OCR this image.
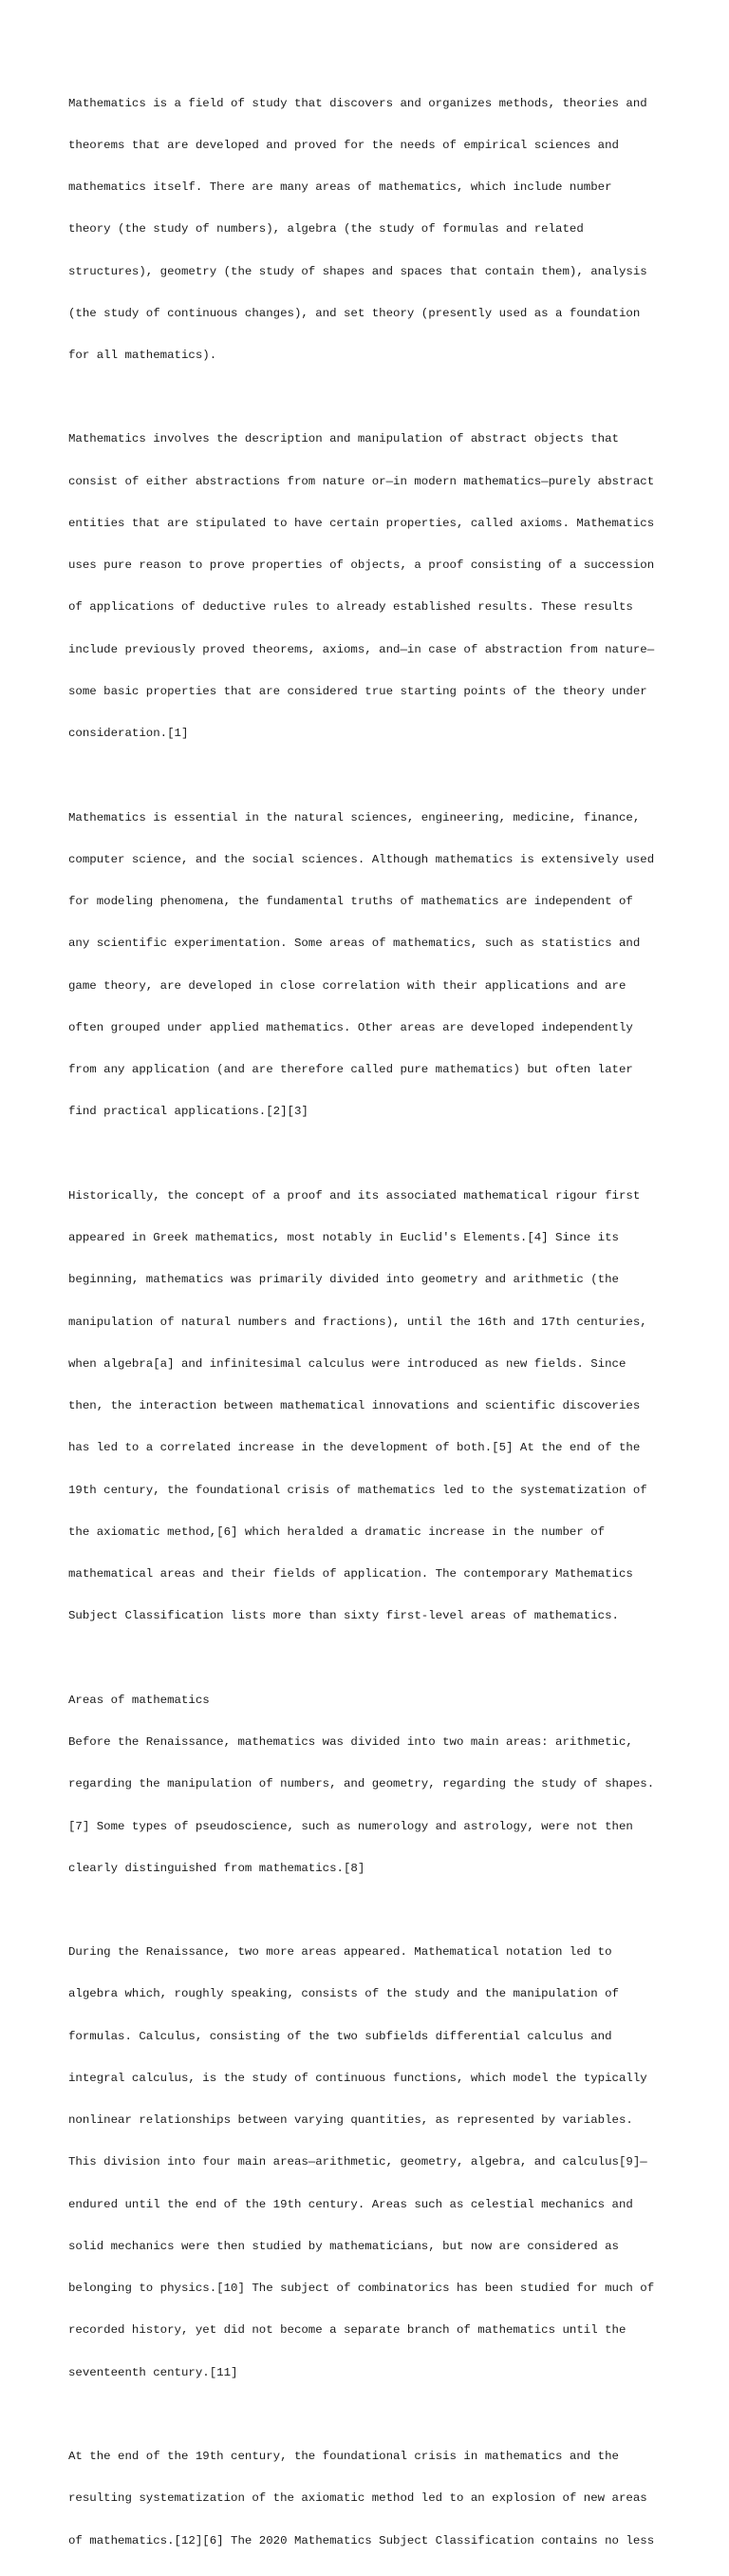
Mathematics is a field of study that discovers and organizes methods, theories and

theorems that are developed and proved for the needs of empirical sciences and

mathematics itself. There are many areas of mathematics, which include number

theory (the study of numbers), algebra (the study of formulas and related

structures), geometry (the study of shapes and spaces that contain them), analysis

(the study of continuous changes), and set theory (presently used as a foundation

for all mathematics).

Mathematics involves the description and manipulation of abstract objects that

consist of either abstractions from nature or—in modern mathematics—purely abstract

entities that are stipulated to have certain properties, called axioms. Mathematics

uses pure reason to prove properties of objects, a proof consisting of a succession

of applications of deductive rules to already established results. These results

include previously proved theorems, axioms, and—in case of abstraction from nature—

some basic properties that are considered true starting points of the theory under

consideration.[1]

Mathematics is essential in the natural sciences, engineering, medicine, finance,

computer science, and the social sciences. Although mathematics is extensively used

for modeling phenomena, the fundamental truths of mathematics are independent of

any scientific experimentation. Some areas of mathematics, such as statistics and

game theory, are developed in close correlation with their applications and are

often grouped under applied mathematics. Other areas are developed independently

from any application (and are therefore called pure mathematics) but often later

find practical applications.[2][3]

Historically, the concept of a proof and its associated mathematical rigour first

appeared in Greek mathematics, most notably in Euclid's Elements.[4] Since its

beginning, mathematics was primarily divided into geometry and arithmetic (the

manipulation of natural numbers and fractions), until the 16th and 17th centuries,

when algebra[a] and infinitesimal calculus were introduced as new fields. Since

then, the interaction between mathematical innovations and scientific discoveries

has led to a correlated increase in the development of both.[5] At the end of the

19th century, the foundational crisis of mathematics led to the systematization of

the axiomatic method,[6] which heralded a dramatic increase in the number of

mathematical areas and their fields of application. The contemporary Mathematics

Subject Classification lists more than sixty first-level areas of mathematics.

Areas of mathematics

Before the Renaissance, mathematics was divided into two main areas: arithmetic,

regarding the manipulation of numbers, and geometry, regarding the study of shapes.

[7] Some types of pseudoscience, such as numerology and astrology, were not then

clearly distinguished from mathematics.[8]

During the Renaissance, two more areas appeared. Mathematical notation led to

algebra which, roughly speaking, consists of the study and the manipulation of

formulas. Calculus, consisting of the two subfields differential calculus and

integral calculus, is the study of continuous functions, which model the typically

nonlinear relationships between varying quantities, as represented by variables.

This division into four main areas—arithmetic, geometry, algebra, and calculus[9]—

endured until the end of the 19th century. Areas such as celestial mechanics and

solid mechanics were then studied by mathematicians, but now are considered as

belonging to physics.[10] The subject of combinatorics has been studied for much of

recorded history, yet did not become a separate branch of mathematics until the

seventeenth century.[11]

At the end of the 19th century, the foundational crisis in mathematics and the

resulting systematization of the axiomatic method led to an explosion of new areas

of mathematics.[12][6] The 2020 Mathematics Subject Classification contains no less
